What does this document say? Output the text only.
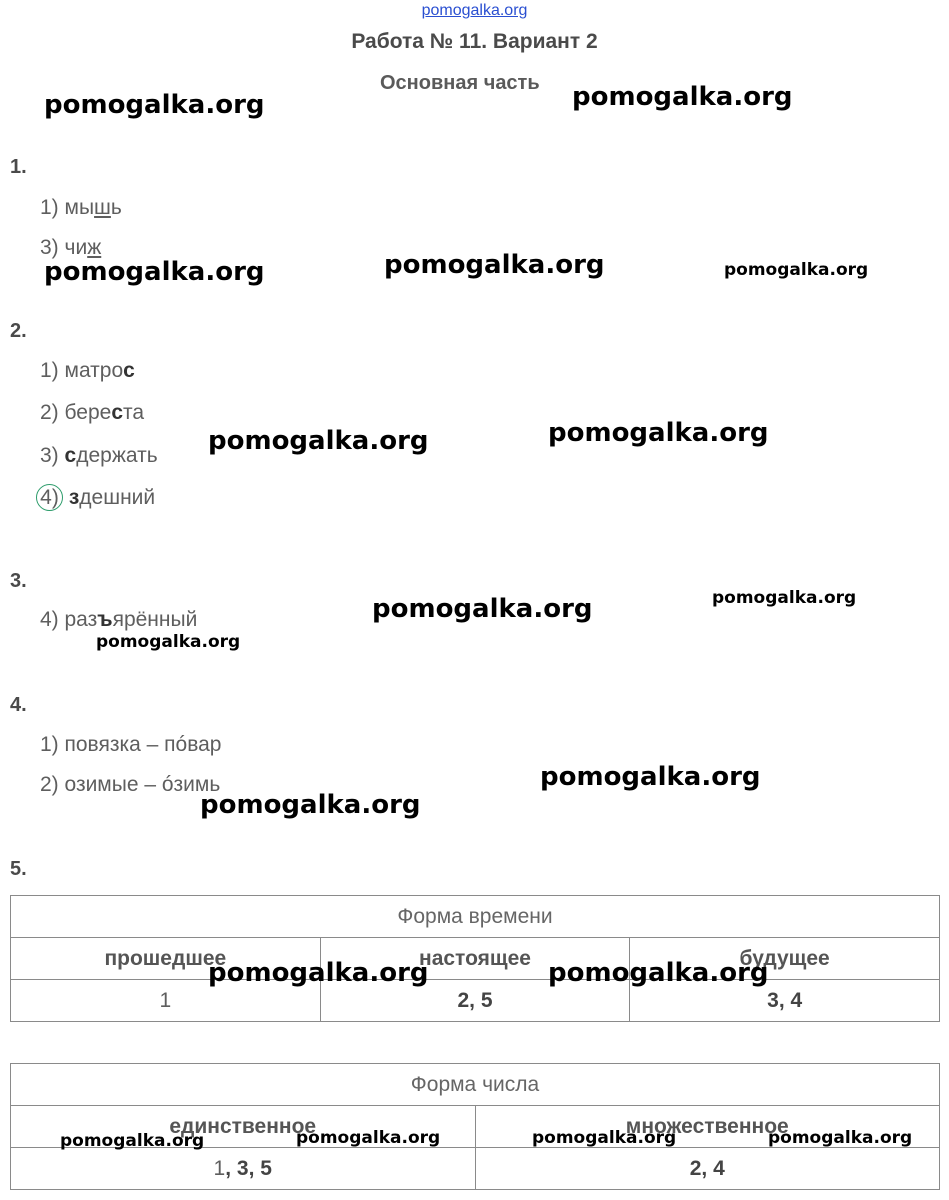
pomogalka.org
Работа № 11. Вариант 2
Основная часть
1.
1) мышь
3) чиж
2.
1) матрос
2) береста
3) сдержать
4) здешний
3.
4) разъярённый
4.
1) повязка – пóвар
2) озимые – óзимь
5.
Форма времени		
прошедшее	настоящее	будущее
1	2, 5	3, 4
Форма числа	
единственное	множественное
1, 3, 5	2, 4
pomogalka.org	pomogalka.org
pomogalka.org	pomogalka.org	pomogalka.org
pomogalka.org	pomogalka.org
pomogalka.org	pomogalka.org
pomogalka.org
pomogalka.org
pomogalka.org
pomogalka.org	pomogalka.org
pomogalka.org	pomogalka.org	pomogalka.org	pomogalka.org
